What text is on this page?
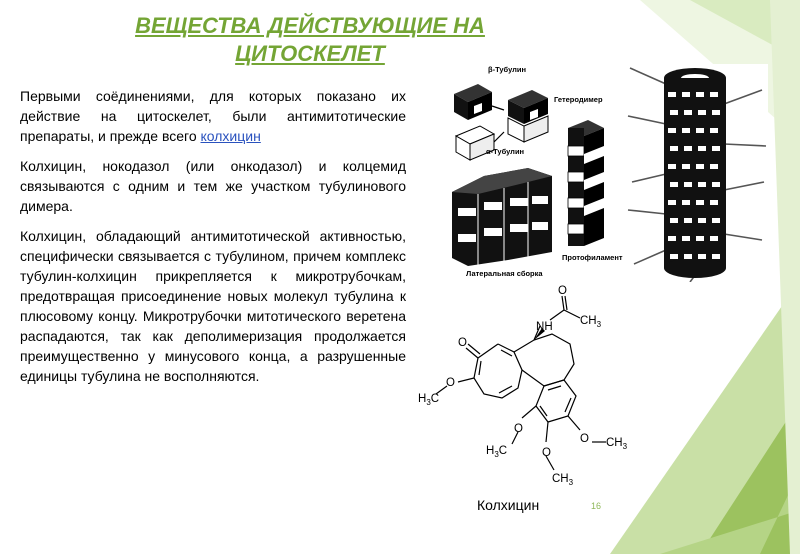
ВЕЩЕСТВА ДЕЙСТВУЮЩИЕ НА ЦИТОСКЕЛЕТ

Первыми соёдинениями, для которых показано их действие на цитоскелет, были антимитотические препараты, и прежде всего колхицин

Колхицин, нокодазол (или онкодазол) и колцемид связываются с одним и тем же участком тубулинового димера.

Колхицин, обладающий антимитотической активностью, специфически связывается с тубулином, причем комплекс тубулин-колхицин прикрепляется к микротрубочкам, предотвращая присоединение новых молекул тубулина к плюсовому концу. Микротрубочки митотического веретена распадаются, так как деполимеризация продолжается преимущественно у минусового конца, а разрушенные единицы тубулина не восполняются.

β-Тубулин
Гетеродимер
α-Тубулин
Протофиламент
Латеральная сборка
O
O
NH $CH_3$
O
$H_3C$
O
O
O
$H_3C$
$CH_3$
$CH_3$
Колхицин	16
